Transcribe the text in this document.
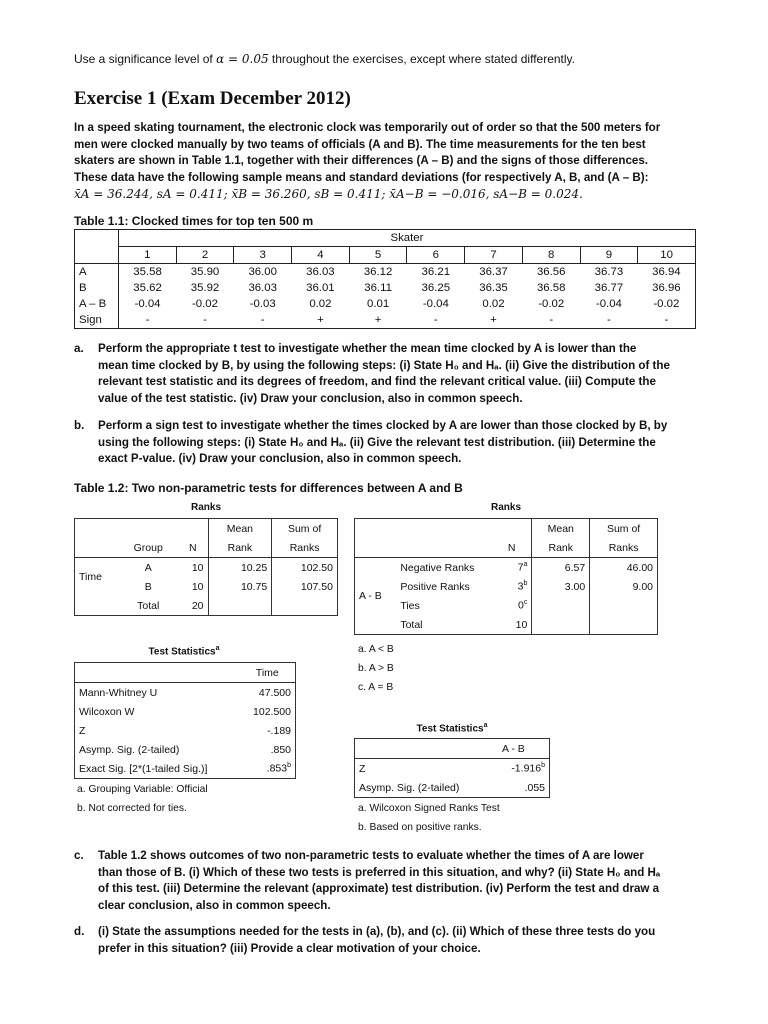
Use a significance level of α = 0.05 throughout the exercises, except where stated differently.
Exercise 1 (Exam December 2012)
In a speed skating tournament, the electronic clock was temporarily out of order so that the 500 meters for
men were clocked manually by two teams of officials (A and B). The time measurements for the ten best
skaters are shown in Table 1.1, together with their differences (A – B) and the signs of those differences.
These data have the following sample means and standard deviations (for respectively A, B, and (A – B):
x̄A = 36.244, sA = 0.411; x̄B = 36.260, sB = 0.411; x̄A−B = −0.016, sA−B = 0.024.
Table 1.1: Clocked times for top ten 500 m
	Skater									
	1	2	3	4	5	6	7	8	9	10
A	35.58	35.90	36.00	36.03	36.12	36.21	36.37	36.56	36.73	36.94
B	35.62	35.92	36.03	36.01	36.11	36.25	36.35	36.58	36.77	36.96
A – B	-0.04	-0.02	-0.03	0.02	0.01	-0.04	0.02	-0.02	-0.04	-0.02
Sign	-	-	-	+	+	-	+	-	-	-
a. Perform the appropriate t test to investigate whether the mean time clocked by A is lower than the
mean time clocked by B, by using the following steps: (i) State H₀ and Hₐ. (ii) Give the distribution of the
relevant test statistic and its degrees of freedom, and find the relevant critical value. (iii) Compute the
value of the test statistic. (iv) Draw your conclusion, also in common speech.
b. Perform a sign test to investigate whether the times clocked by A are lower than those clocked by B, by
using the following steps: (i) State H₀ and Hₐ. (ii) Give the relevant test distribution. (iii) Determine the
exact P-value. (iv) Draw your conclusion, also in common speech.
Table 1.2: Two non-parametric tests for differences between A and B
Ranks
			Mean	Sum of
	Group	N	Rank	Ranks
Time	A	10	10.25	102.50
	B	10	10.75	107.50
	Total	20		
Ranks
			Mean	Sum of
		N	Rank	Ranks
A - B	Negative Ranks	7$^a$	6.57	46.00
	Positive Ranks	3$^b$	3.00	9.00
	Ties	0$^c$		
	Total	10		
a. A < B
b. A > B
c. A = B
Test Statistics$^a$
	Time
Mann-Whitney U	47.500
Wilcoxon W	102.500
Z	-.189
Asymp. Sig. (2-tailed)	.850
Exact Sig. [2*(1-tailed Sig.)]	.853$^b$
a. Grouping Variable: Official
b. Not corrected for ties.
Test Statistics$^a$
	A - B
Z	-1.916$^b$
Asymp. Sig. (2-tailed)	.055
a. Wilcoxon Signed Ranks Test
b. Based on positive ranks.
c. Table 1.2 shows outcomes of two non-parametric tests to evaluate whether the times of A are lower
than those of B. (i) Which of these two tests is preferred in this situation, and why? (ii) State H₀ and Hₐ
of this test. (iii) Determine the relevant (approximate) test distribution. (iv) Perform the test and draw a
clear conclusion, also in common speech.
d. (i) State the assumptions needed for the tests in (a), (b), and (c). (ii) Which of these three tests do you
prefer in this situation? (iii) Provide a clear motivation of your choice.
